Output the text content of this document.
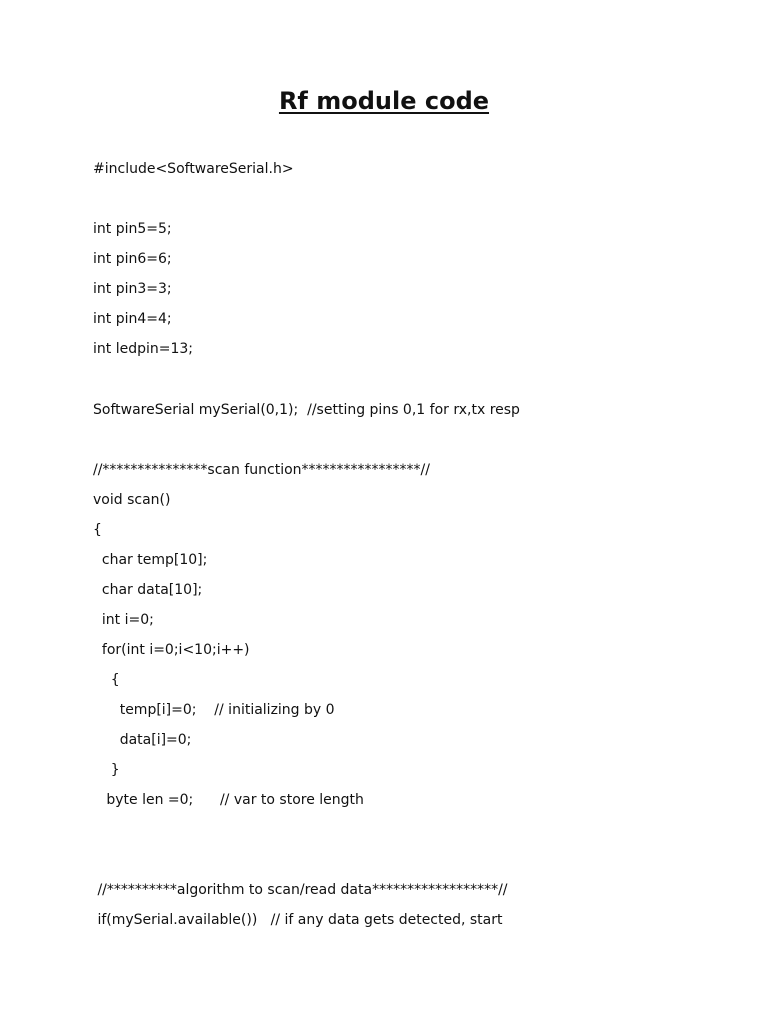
Rf module code
#include<SoftwareSerial.h>
int pin5=5;
int pin6=6;
int pin3=3;
int pin4=4;
int ledpin=13;
SoftwareSerial mySerial(0,1);  //setting pins 0,1 for rx,tx resp
//***************scan function*****************//
void scan()
{
char temp[10];
char data[10];
int i=0;
for(int i=0;i<10;i++)
{
temp[i]=0;    // initializing by 0
data[i]=0;
}
byte len =0;      // var to store length
//**********algorithm to scan/read data******************//
if(mySerial.available())   // if any data gets detected, start
